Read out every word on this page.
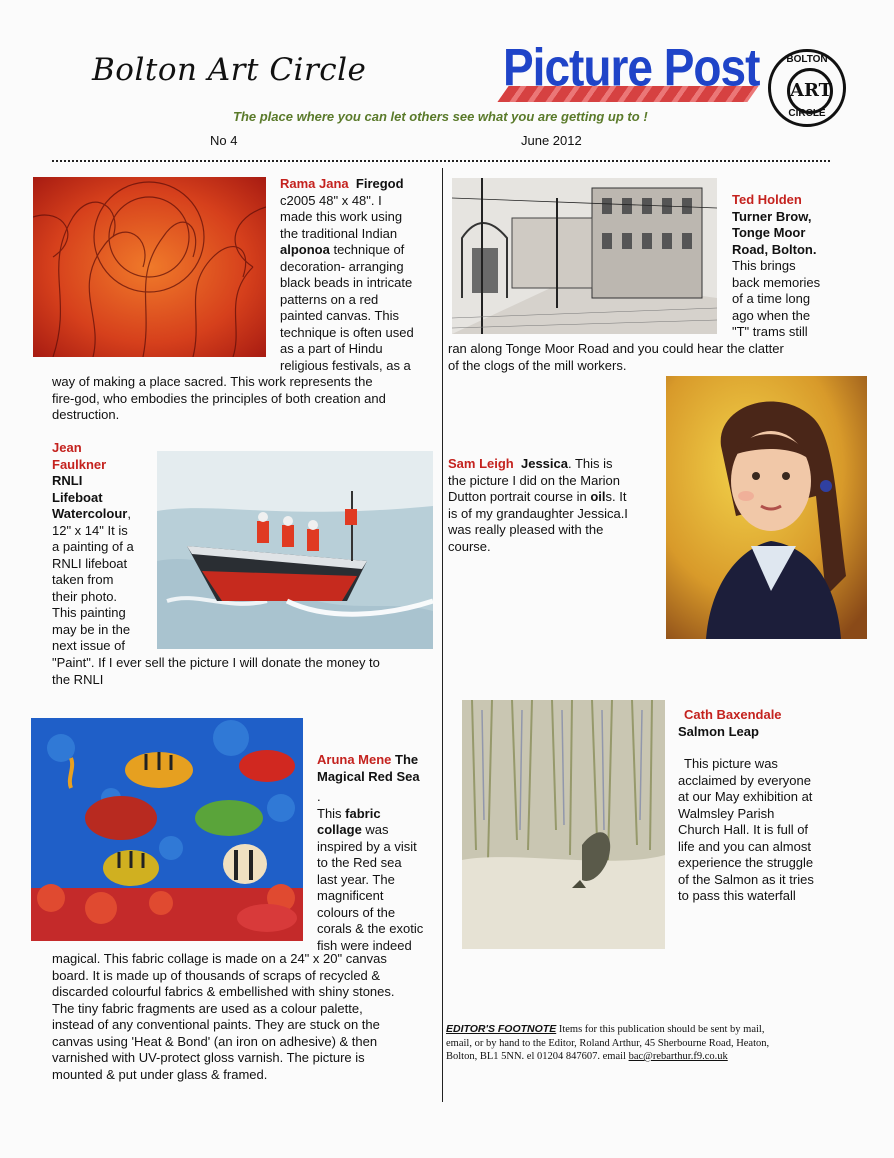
Bolton Art Circle	Picture Post	BOLTON
ART
CIRCLE
The place where you can let others see what you are getting up to !
No 4	June 2012
Rama Jana Firegod
c2005 48" x 48". I
made this work using
the traditional Indian
alponoa technique of
decoration- arranging
black beads in intricate
patterns on a red
painted canvas. This
technique is often used
as a part of Hindu
religious festivals, as a
way of making a place sacred. This work represents the
fire-god, who embodies the principles of both creation and
destruction.
Jean
Faulkner
RNLI
Lifeboat
Watercolour,
12" x 14" It is
a painting of a
RNLI lifeboat
taken from
their photo.
This painting
may be in the
next issue of
"Paint". If I ever sell the picture I will donate the money to
the RNLI
Aruna Mene The
Magical Red Sea
.
This fabric
collage was
inspired by a visit
to the Red sea
last year. The
magnificent
colours of the
corals & the exotic
fish were indeed
magical. This fabric collage is made on a 24" x 20" canvas
board. It is made up of thousands of scraps of recycled &
discarded colourful fabrics & embellished with shiny stones.
The tiny fabric fragments are used as a colour palette,
instead of any conventional paints. They are stuck on the
canvas using 'Heat & Bond' (an iron on adhesive) & then
varnished with UV-protect gloss varnish. The picture is
mounted & put under glass & framed.
Ted Holden
Turner Brow,
Tonge Moor
Road, Bolton.
This brings
back memories
of a time long
ago when the
"T" trams still
ran along Tonge Moor Road and you could hear the clatter
of the clogs of the mill workers.
Sam Leigh Jessica. This is
the picture I did on the Marion
Dutton portrait course in oils. It
is of my grandaughter Jessica.I
was really pleased with the
course.
Cath Baxendale
Salmon Leap
This picture was
acclaimed by everyone
at our May exhibition at
Walmsley Parish
Church Hall. It is full of
life and you can almost
experience the struggle
of the Salmon as it tries
to pass this waterfall
EDITOR'S FOOTNOTE Items for this publication should be sent by mail,
email, or by hand to the Editor, Roland Arthur, 45 Sherbourne Road, Heaton,
Bolton, BL1 5NN. el 01204 847607. email bac@rebarthur.f9.co.uk
